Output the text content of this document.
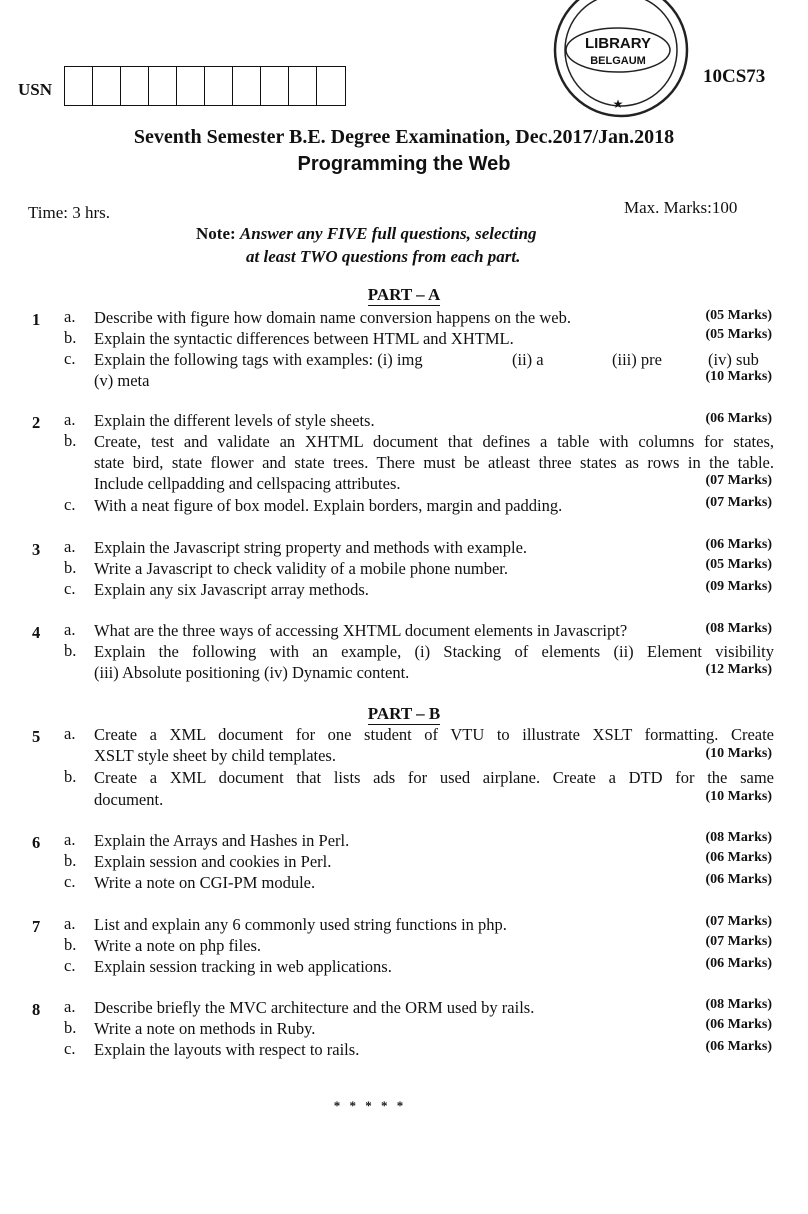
USN
LIBRARY
BELGAUM
★
10CS73
Seventh Semester B.E. Degree Examination, Dec.2017/Jan.2018
Programming the Web
Time: 3 hrs.	Max. Marks:100
Note: Answer any FIVE full questions, selecting
at least TWO questions from each part.
PART – A
1 a. Describe with figure how domain name conversion happens on the web.	(05 Marks)
b. Explain the syntactic differences between HTML and XHTML.	(05 Marks)
c. Explain the following tags with examples: (i) img	(ii) a	(iii) pre	(iv) sub
(v) meta	(10 Marks)
2 a. Explain the different levels of style sheets.	(06 Marks)
b. Create, test and validate an XHTML document that defines a table with columns for states,
state bird, state flower and state trees. There must be atleast three states as rows in the table.
Include cellpadding and cellspacing attributes.	(07 Marks)
c. With a neat figure of box model. Explain borders, margin and padding.	(07 Marks)
3 a. Explain the Javascript string property and methods with example.	(06 Marks)
b. Write a Javascript to check validity of a mobile phone number.	(05 Marks)
c. Explain any six Javascript array methods.	(09 Marks)
4 a. What are the three ways of accessing XHTML document elements in Javascript?	(08 Marks)
b. Explain the following with an example, (i) Stacking of elements (ii) Element visibility
(iii) Absolute positioning (iv) Dynamic content.	(12 Marks)
PART – B
5 a. Create a XML document for one student of VTU to illustrate XSLT formatting. Create
XSLT style sheet by child templates.	(10 Marks)
b. Create a XML document that lists ads for used airplane. Create a DTD for the same
document.	(10 Marks)
6 a. Explain the Arrays and Hashes in Perl.	(08 Marks)
b. Explain session and cookies in Perl.	(06 Marks)
c. Write a note on CGI-PM module.	(06 Marks)
7 a. List and explain any 6 commonly used string functions in php.	(07 Marks)
b. Write a note on php files.	(07 Marks)
c. Explain session tracking in web applications.	(06 Marks)
8 a. Describe briefly the MVC architecture and the ORM used by rails.	(08 Marks)
b. Write a note on methods in Ruby.	(06 Marks)
c. Explain the layouts with respect to rails.	(06 Marks)
* * * * *
